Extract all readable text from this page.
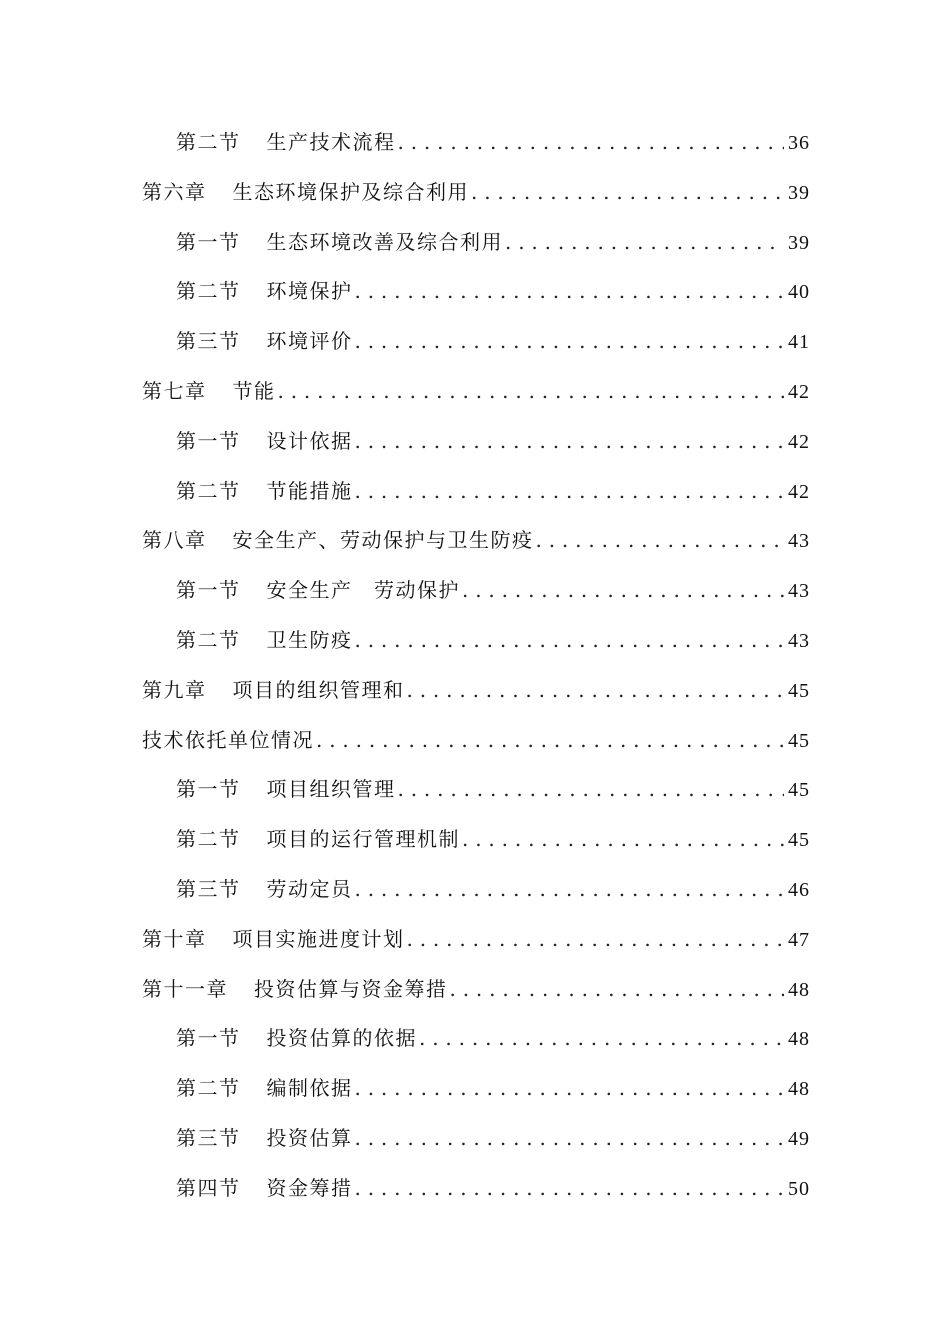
第二节 生产技术流程 . . .	36
第六章 生态环境保护及综合利用 . . .	39
第一节 生态环境改善及综合利用 . . .	39
第二节 环境保护 . . .	40
第三节 环境评价 . . .	41
第七章 节能 . . .	42
第一节 设计依据 . . .	42
第二节 节能措施 . . .	42
第八章 安全生产、劳动保护与卫生防疫 . . .	43
第一节 安全生产　劳动保护 . . .	43
第二节 卫生防疫 . . .	43
第九章 项目的组织管理和 . . .	45
技术依托单位情况 . . .	45
第一节 项目组织管理 . . .	45
第二节 项目的运行管理机制 . . .	45
第三节 劳动定员 . . .	46
第十章 项目实施进度计划 . . .	47
第十一章 投资估算与资金筹措 . . .	48
第一节 投资估算的依据 . . .	48
第二节 编制依据 . . .	48
第三节 投资估算 . . .	49
第四节 资金筹措 . . .	50
